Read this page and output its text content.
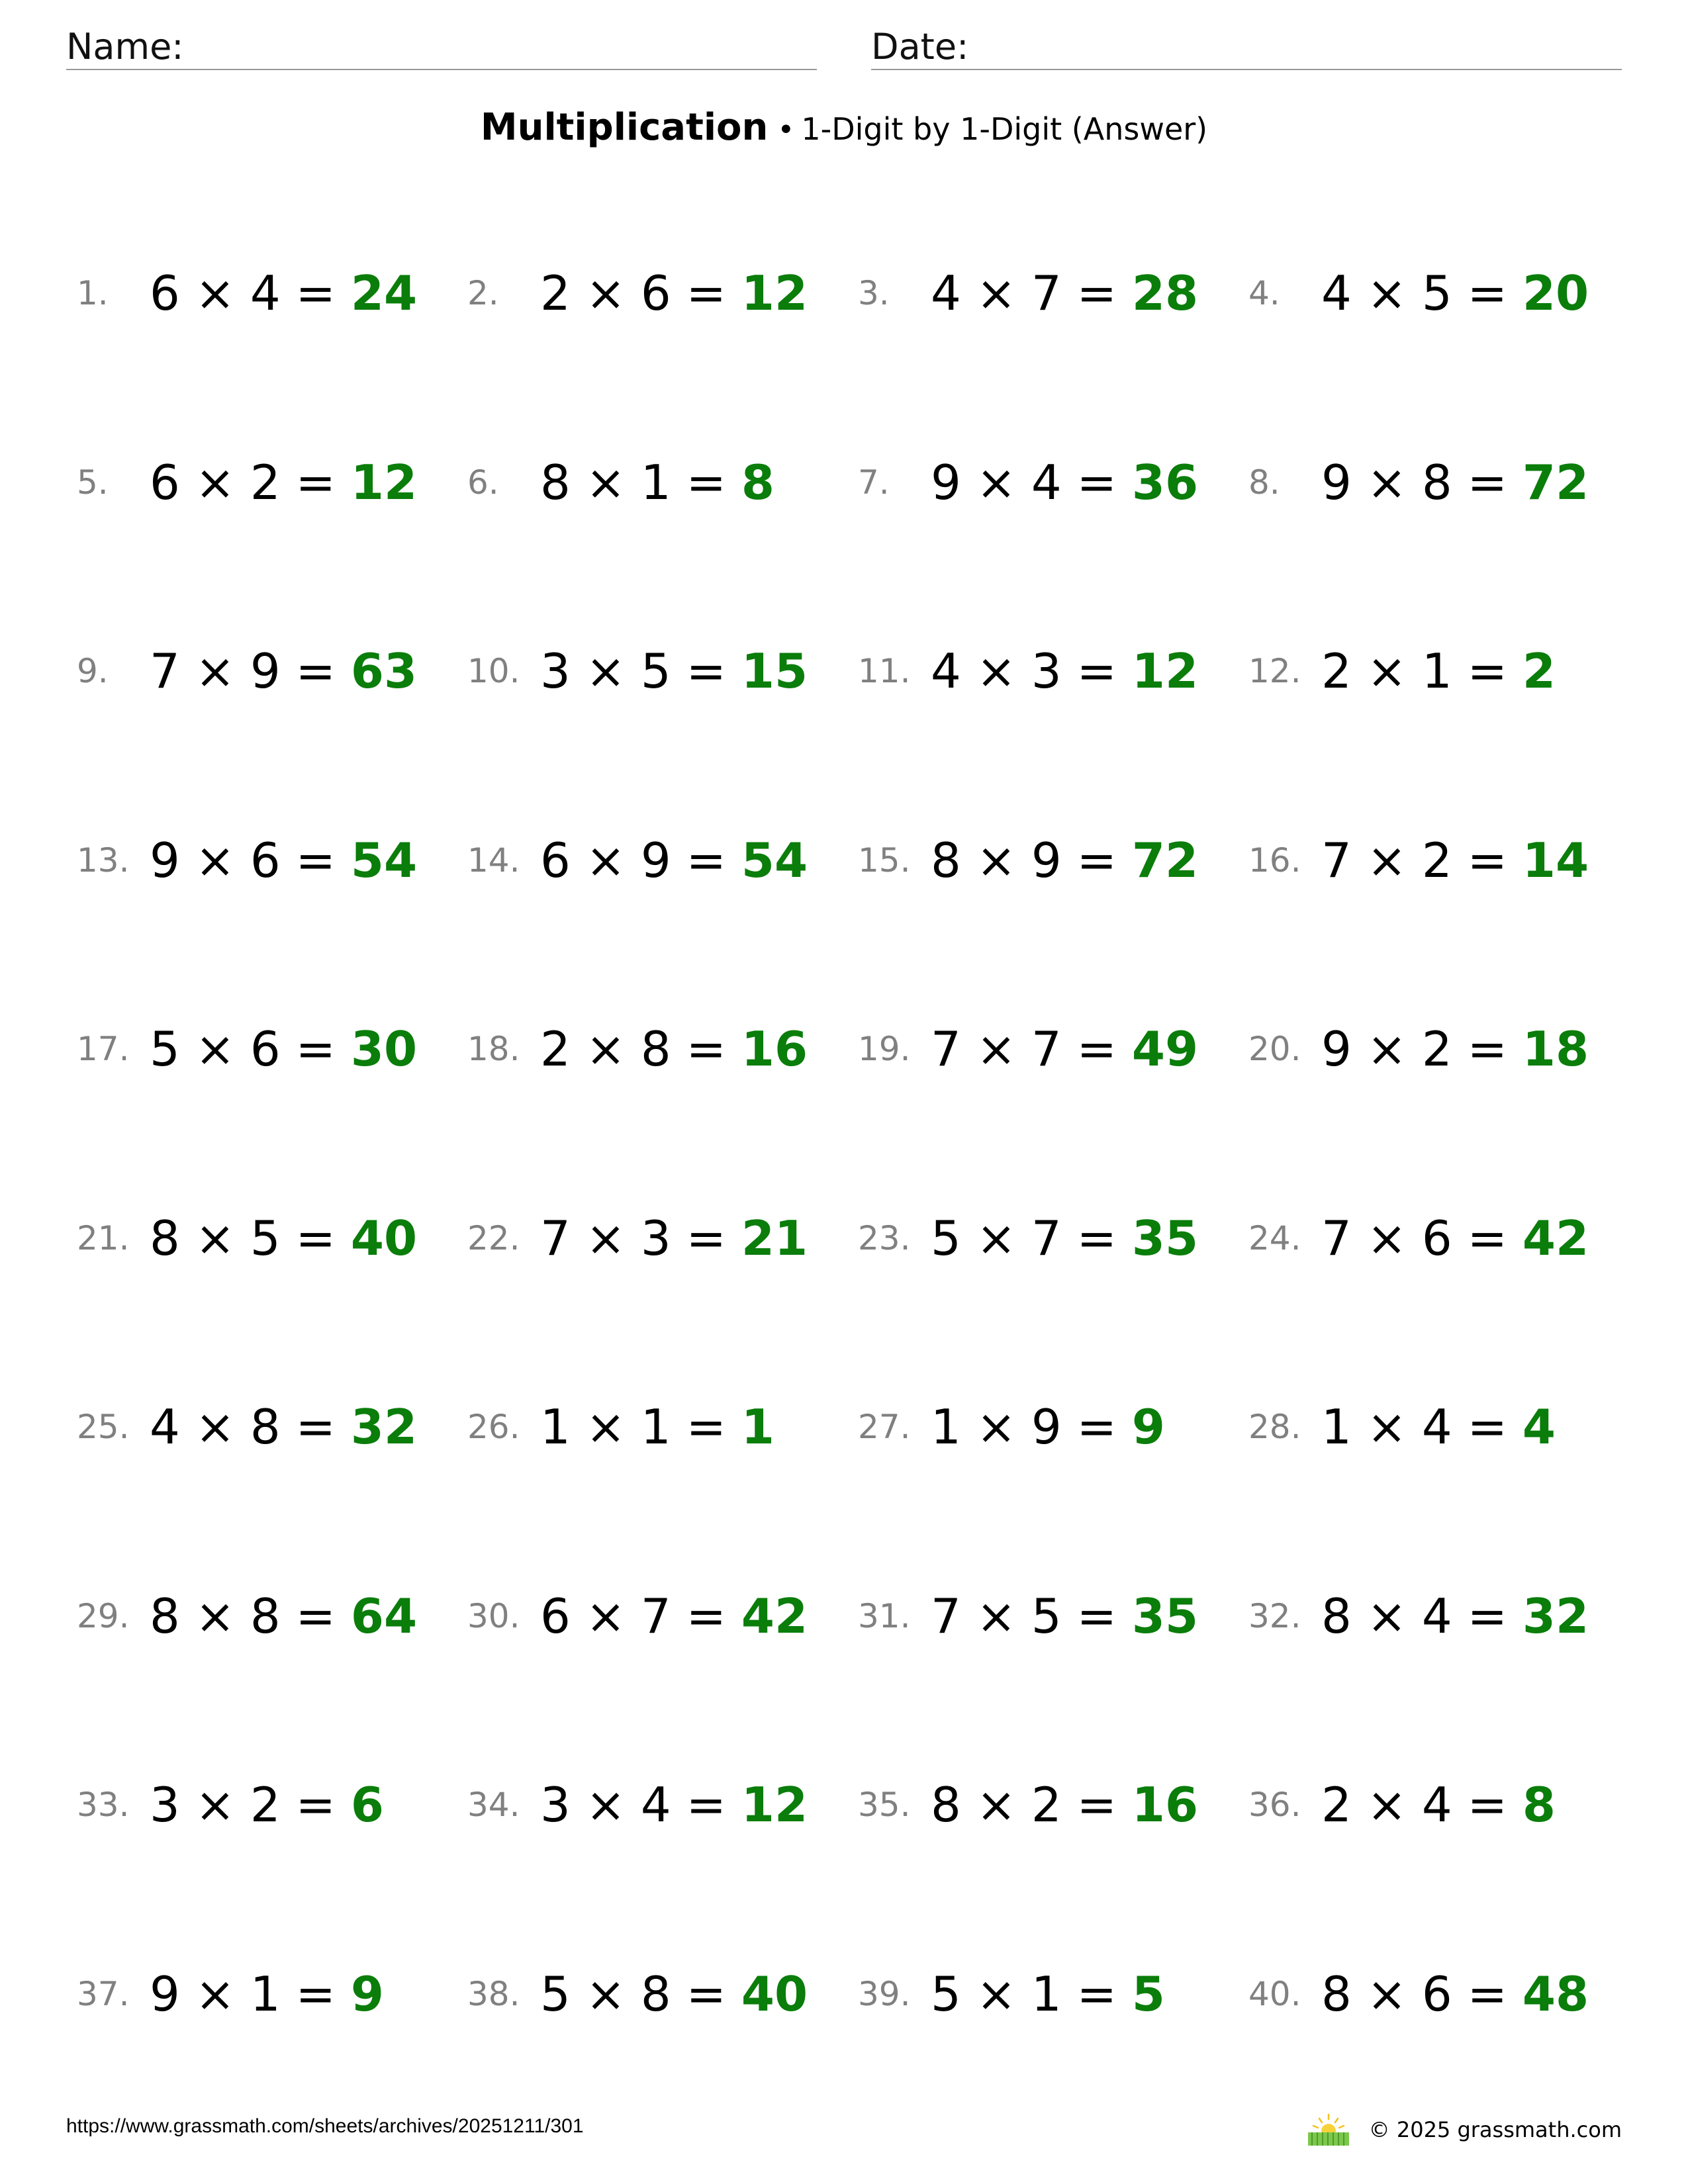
Name:	Date:
Multiplication • 1-Digit by 1-Digit (Answer)
1. 6 × 4 = 24 2. 2 × 6 = 12 3. 4 × 7 = 28 4. 4 × 5 = 20
5. 6 × 2 = 12 6. 8 × 1 = 8	7. 9 × 4 = 36 8. 9 × 8 = 72
9. 7 × 9 = 63 10. 3 × 5 = 15 11. 4 × 3 = 12 12. 2 × 1 = 2
13. 9 × 6 = 54 14. 6 × 9 = 54 15. 8 × 9 = 72 16. 7 × 2 = 14
17. 5 × 6 = 30 18. 2 × 8 = 16 19. 7 × 7 = 49 20. 9 × 2 = 18
21. 8 × 5 = 40 22. 7 × 3 = 21 23. 5 × 7 = 35 24. 7 × 6 = 42
25. 4 × 8 = 32 26. 1 × 1 = 1	27. 1 × 9 = 9	28. 1 × 4 = 4
29. 8 × 8 = 64 30. 6 × 7 = 42 31. 7 × 5 = 35 32. 8 × 4 = 32
33. 3 × 2 = 6	34. 3 × 4 = 12 35. 8 × 2 = 16 36. 2 × 4 = 8
37. 9 × 1 = 9	38. 5 × 8 = 40 39. 5 × 1 = 5	40. 8 × 6 = 48
https://www.grassmath.com/sheets/archives/20251211/301	© 2025 grassmath.com
